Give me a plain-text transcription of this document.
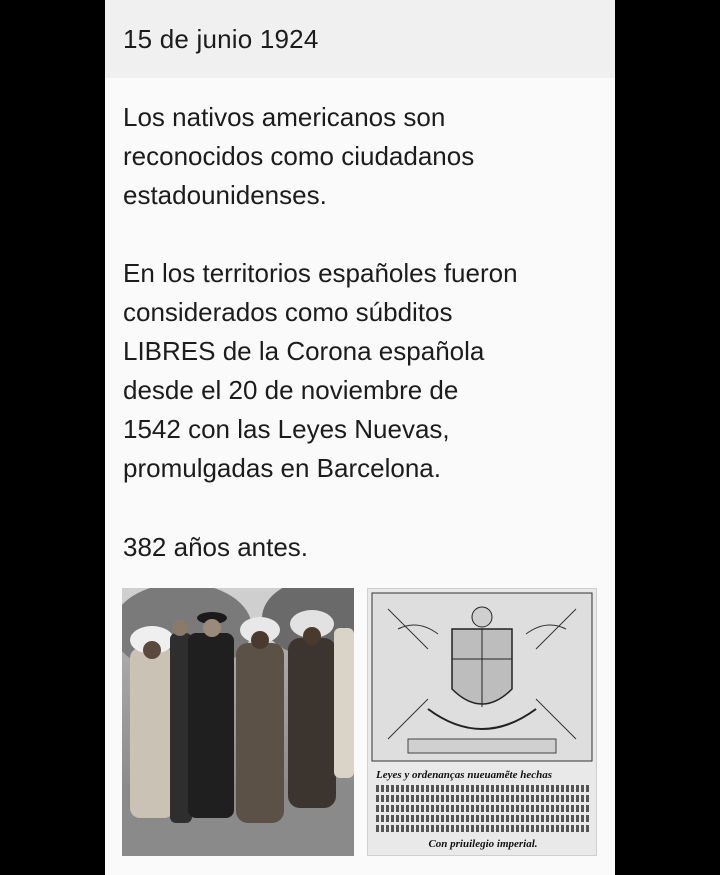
15 de junio 1924

Los nativos americanos son
reconocidos como ciudadanos
estadounidenses.

En los territorios españoles fueron
considerados como súbditos
LIBRES de la Corona española
desde el 20 de noviembre de
1542 con las Leyes Nuevas,
promulgadas en Barcelona.

382 años antes.

Leyes y ordenanças nueuamẽte hechas
Con priuilegio imperial.
